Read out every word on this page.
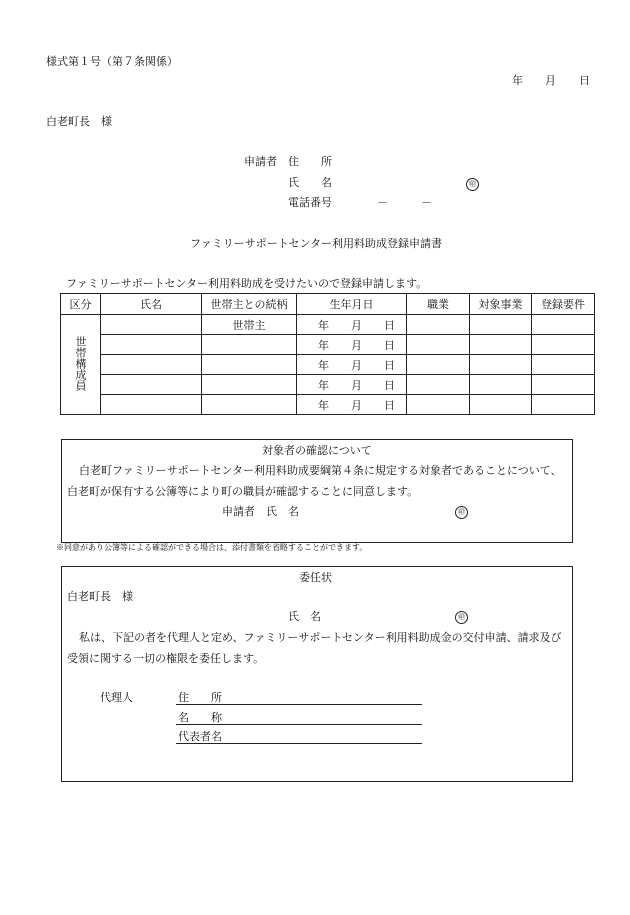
様式第１号（第７条関係）
年 月 日
白老町長　様
申請者 住　　所
氏　　名	㊞
電話番号	－	－
ファミリーサポートセンター利用料助成登録申請書
ファミリーサポートセンター利用料助成を受けたいので登録申請します。
区分	氏名	世帯主との続柄	生年月日	職業	対象事業	登録要件
世帯構成員		世帯主	年 月 日			
			年 月 日			
			年 月 日			
			年 月 日			
			年 月 日			
対象者の確認について
白老町ファミリーサポートセンター利用料助成要綱第４条に規定する対象者であることについて、
白老町が保有する公簿等により町の職員が確認することに同意します。
申請者　氏　名	㊞
※同意があり公簿等による確認ができる場合は、添付書類を省略することができます。
委任状
白老町長　様
氏　名	㊞
私は、下記の者を代理人と定め、ファミリーサポートセンター利用料助成金の交付申請、請求及び
受領に関する一切の権限を委任します。
代理人	住　　所
名　　称
代表者名
